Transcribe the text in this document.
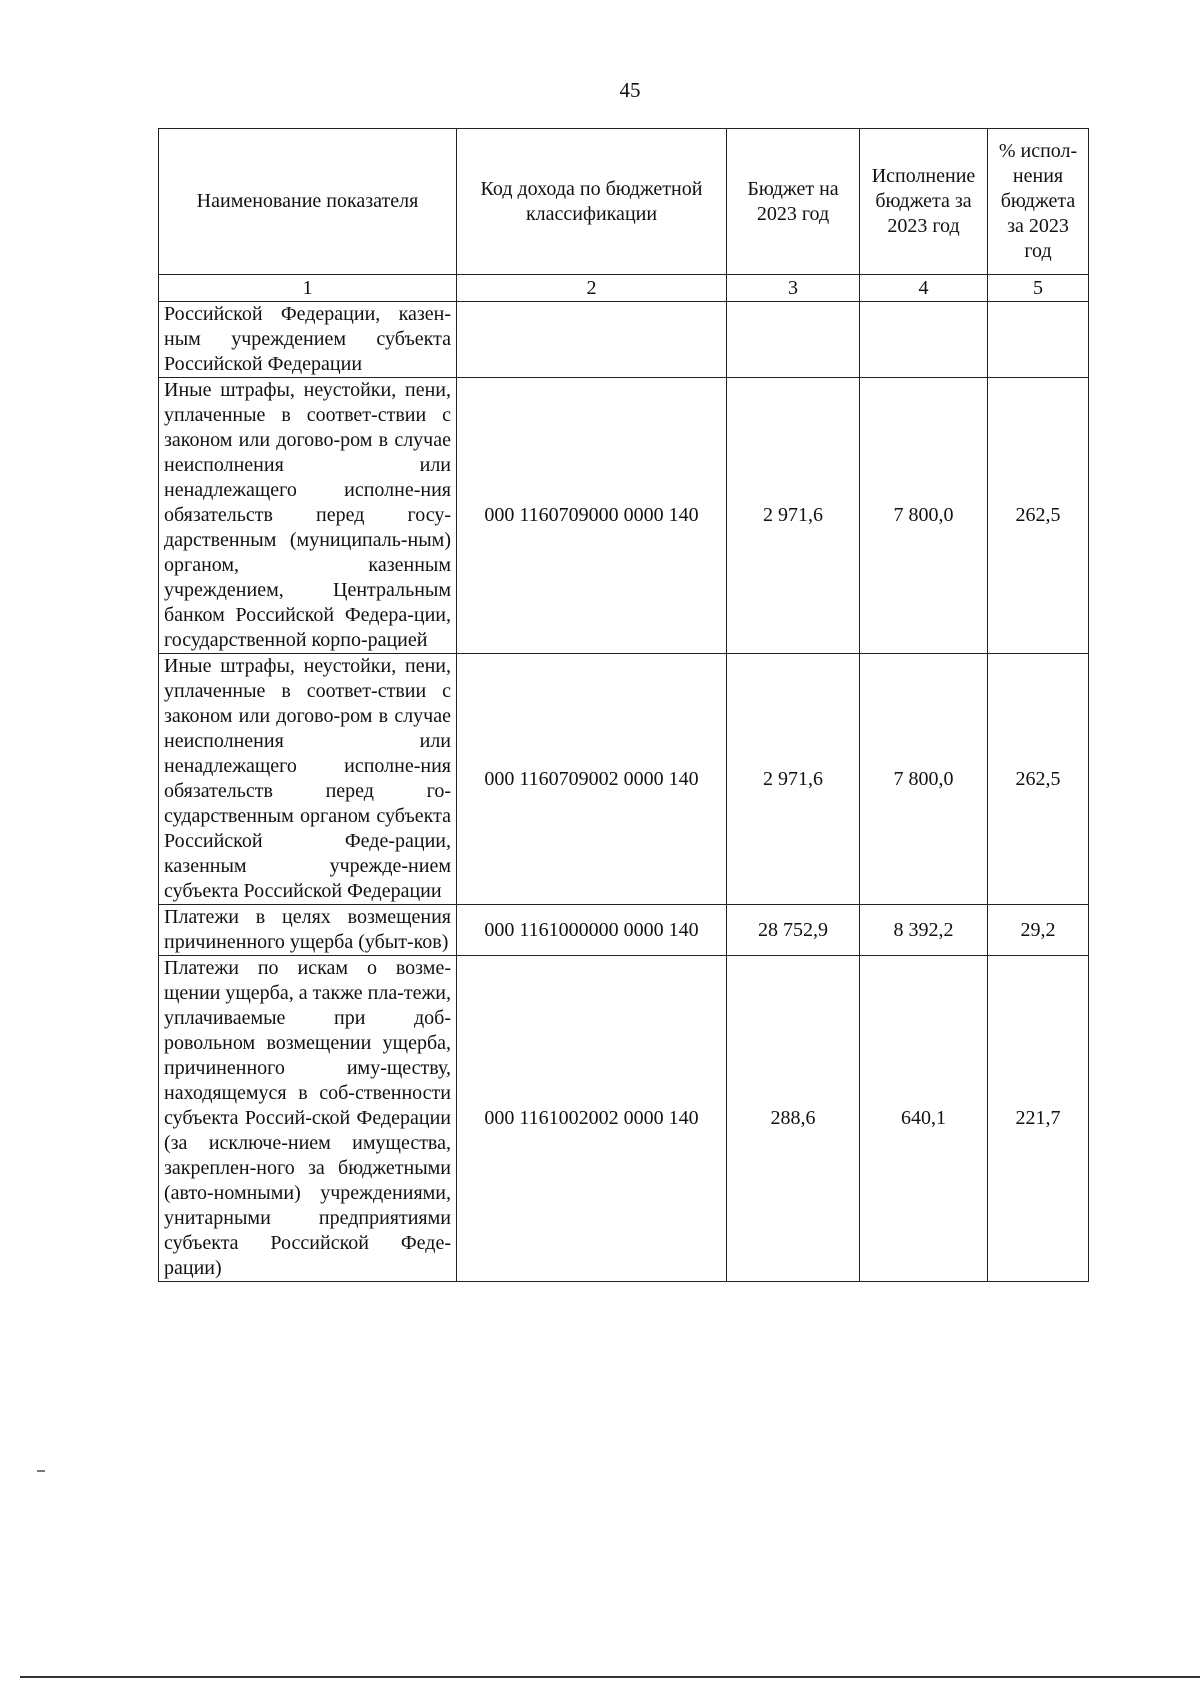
45
Наименование показателя	Код дохода по бюджетной классификации	Бюджет на 2023 год	Исполнение бюджета за 2023 год	% испол-нения бюджета за 2023 год
1	2	3	4	5
Российской Федерации, казен-ным учреждением субъекта Российской Федерации				
Иные штрафы, неустойки, пени, уплаченные в соответ-ствии с законом или догово-ром в случае неисполнения или ненадлежащего исполне-ния обязательств перед госу-дарственным (муниципаль-ным) органом, казенным учреждением, Центральным банком Российской Федера-ции, государственной корпо-рацией	000 1160709000 0000 140	2 971,6	7 800,0	262,5
Иные штрафы, неустойки, пени, уплаченные в соответ-ствии с законом или догово-ром в случае неисполнения или ненадлежащего исполне-ния обязательств перед го-сударственным органом субъекта Российской Феде-рации, казенным учрежде-нием субъекта Российской Федерации	000 1160709002 0000 140	2 971,6	7 800,0	262,5
Платежи в целях возмещения причиненного ущерба (убыт-ков)	000 1161000000 0000 140	28 752,9	8 392,2	29,2
Платежи по искам о возме-щении ущерба, а также пла-тежи, уплачиваемые при доб-ровольном возмещении ущерба, причиненного иму-ществу, находящемуся в соб-ственности субъекта Россий-ской Федерации (за исключе-нием имущества, закреплен-ного за бюджетными (авто-номными) учреждениями, унитарными предприятиями субъекта Российской Феде-рации)	000 1161002002 0000 140	288,6	640,1	221,7
